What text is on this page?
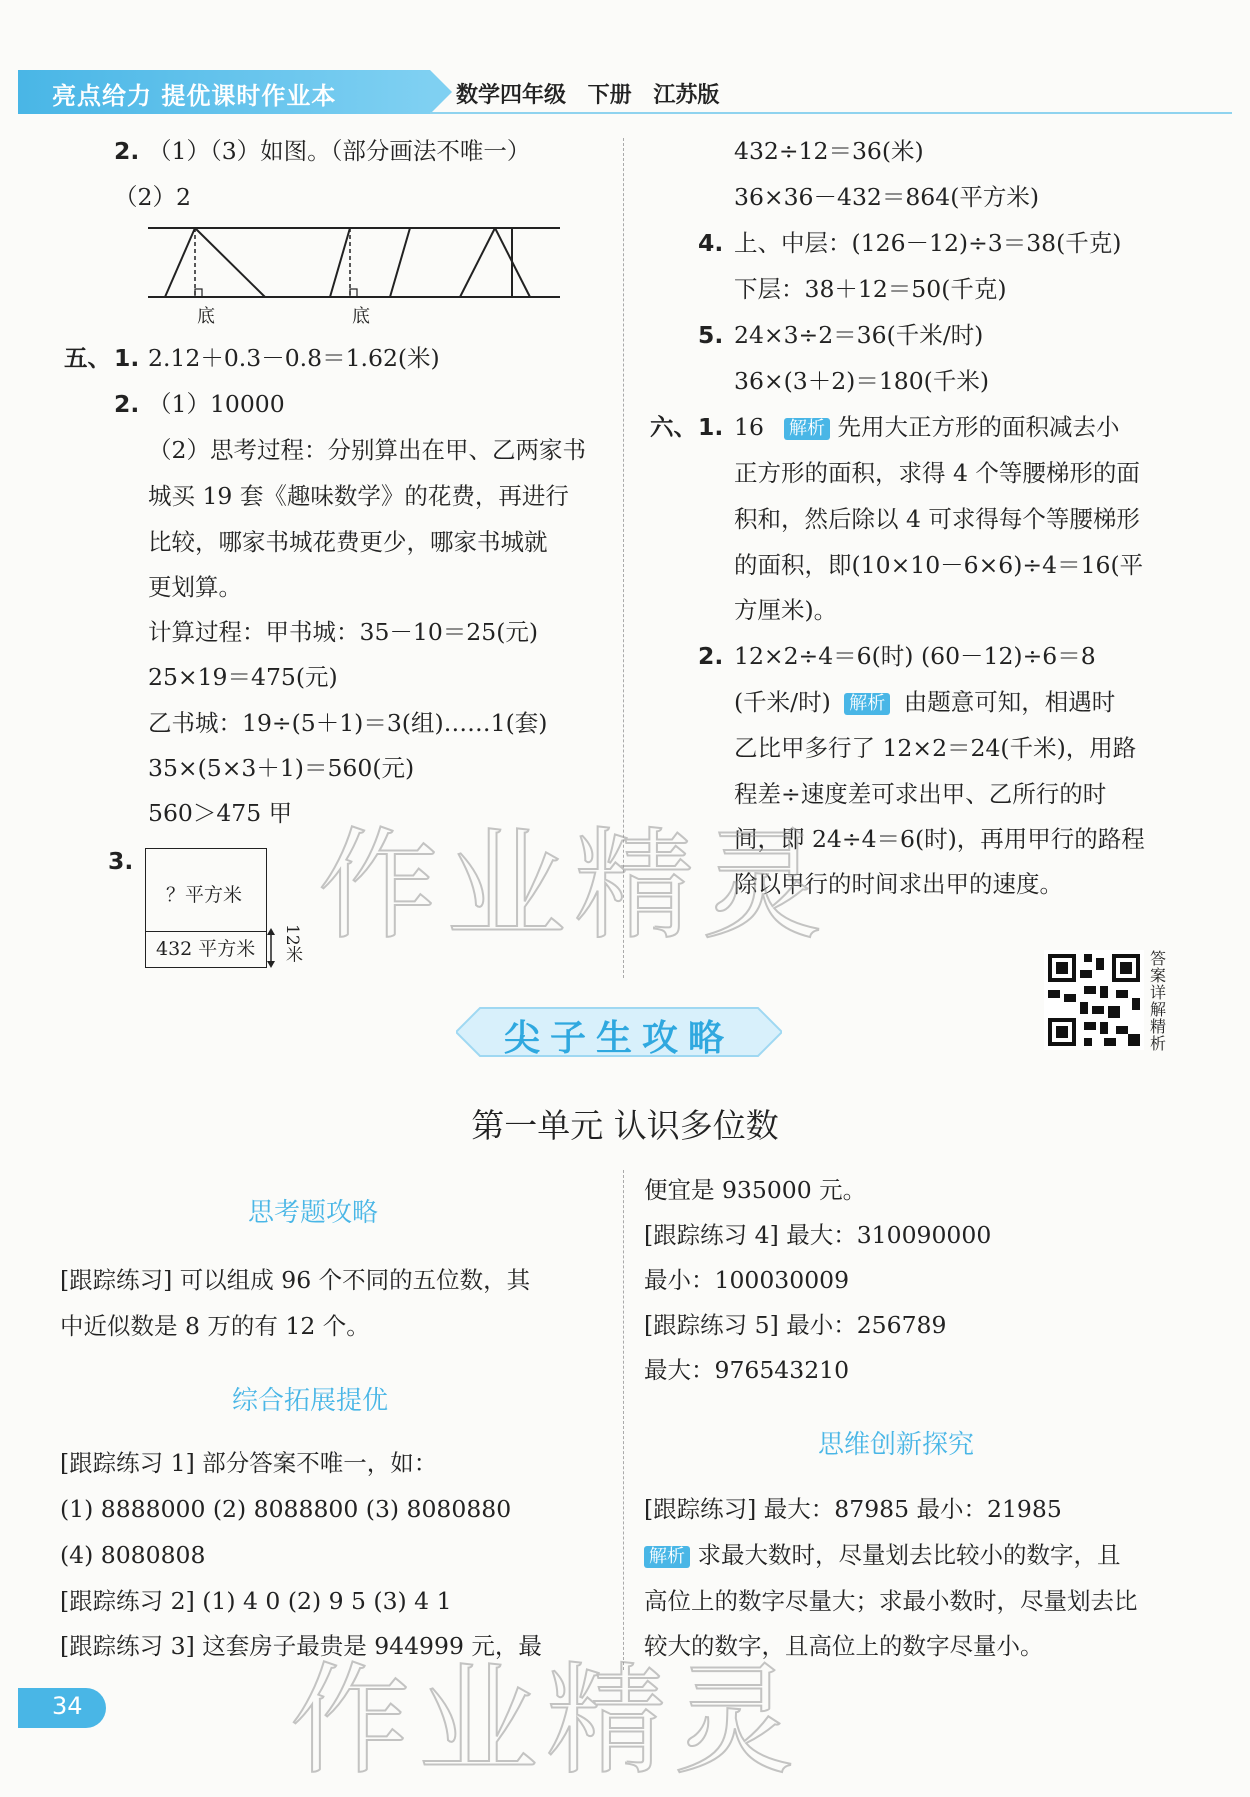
亮点给力 提优课时作业本	数学四年级 下册 江苏版
2. （1）（3）如图。（部分画法不唯一）
（2）2
底	底
五、 1. 2.12＋0.3－0.8＝1.62(米)
2. （1）10000
（2）思考过程：分别算出在甲、乙两家书
城买 19 套《趣味数学》的花费，再进行
比较，哪家书城花费更少，哪家书城就
更划算。
计算过程：甲书城：35－10＝25(元)
25×19＝475(元)
乙书城：19÷(5＋1)＝3(组)……1(套)
35×(5×3＋1)＝560(元)
560＞475 甲
3.
？平方米
432 平方米 12米
432÷12＝36(米)
36×36－432＝864(平方米)
4. 上、中层：(126－12)÷3＝38(千克)
下层：38＋12＝50(千克)
5. 24×3÷2＝36(千米/时)
36×(3＋2)＝180(千米)
六、 1. 16 解析 先用大正方形的面积减去小
正方形的面积，求得 4 个等腰梯形的面
积和，然后除以 4 可求得每个等腰梯形
的面积，即(10×10－6×6)÷4＝16(平
方厘米)。
2. 12×2÷4＝6(时) (60－12)÷6＝8
(千米/时) 解析 由题意可知，相遇时
乙比甲多行了 12×2＝24(千米)，用路
程差÷速度差可求出甲、乙所行的时
间，即 24÷4＝6(时)，再用甲行的路程
除以甲行的时间求出甲的速度。
答案详解精析
尖子生攻略
第一单元 认识多位数
思考题攻略
[跟踪练习] 可以组成 96 个不同的五位数，其
中近似数是 8 万的有 12 个。
综合拓展提优
[跟踪练习 1] 部分答案不唯一，如：
(1) 8888000 (2) 8088800 (3) 8080880
(4) 8080808
[跟踪练习 2] (1) 4 0 (2) 9 5 (3) 4 1
[跟踪练习 3] 这套房子最贵是 944999 元，最
便宜是 935000 元。
[跟踪练习 4] 最大：310090000
最小：100030009
[跟踪练习 5] 最小：256789
最大：976543210
思维创新探究
[跟踪练习] 最大：87985 最小：21985
解析 求最大数时，尽量划去比较小的数字，且
高位上的数字尽量大；求最小数时，尽量划去比
较大的数字，且高位上的数字尽量小。
作业精灵
作业精灵
34
